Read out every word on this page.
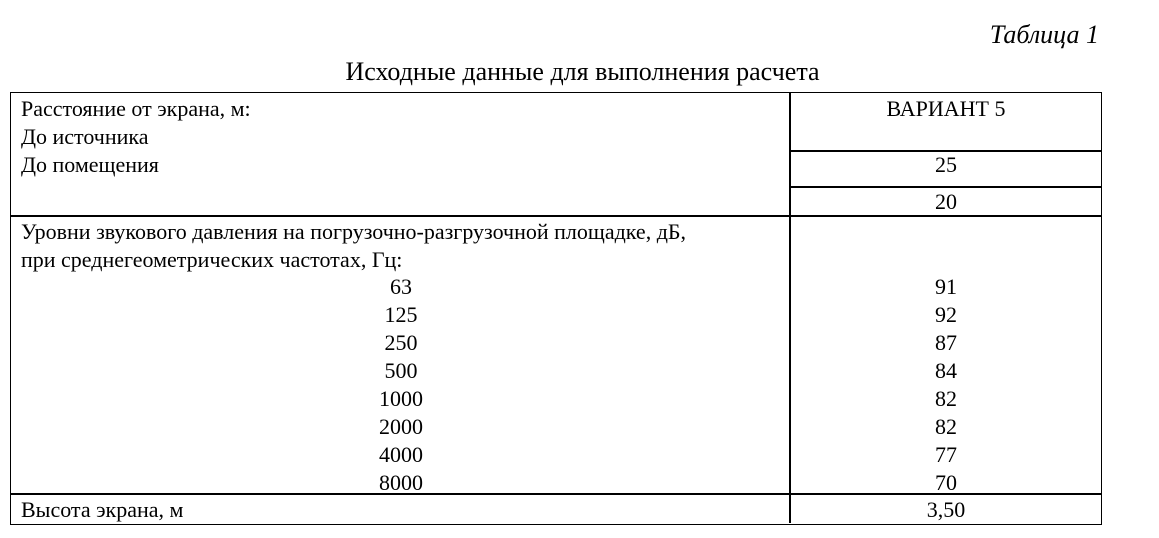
Таблица 1
Исходные данные для выполнения расчета
Расстояние от экрана, м:
До источника
До помещения
ВАРИАНТ 5
25
20
Уровни звукового давления на погрузочно-разгрузочной площадке, дБ,
при среднегеометрических частотах, Гц:
63
125
250
500
1000
2000
4000
8000
91
92
87
84
82
82
77
70
Высота экрана, м	3,50
